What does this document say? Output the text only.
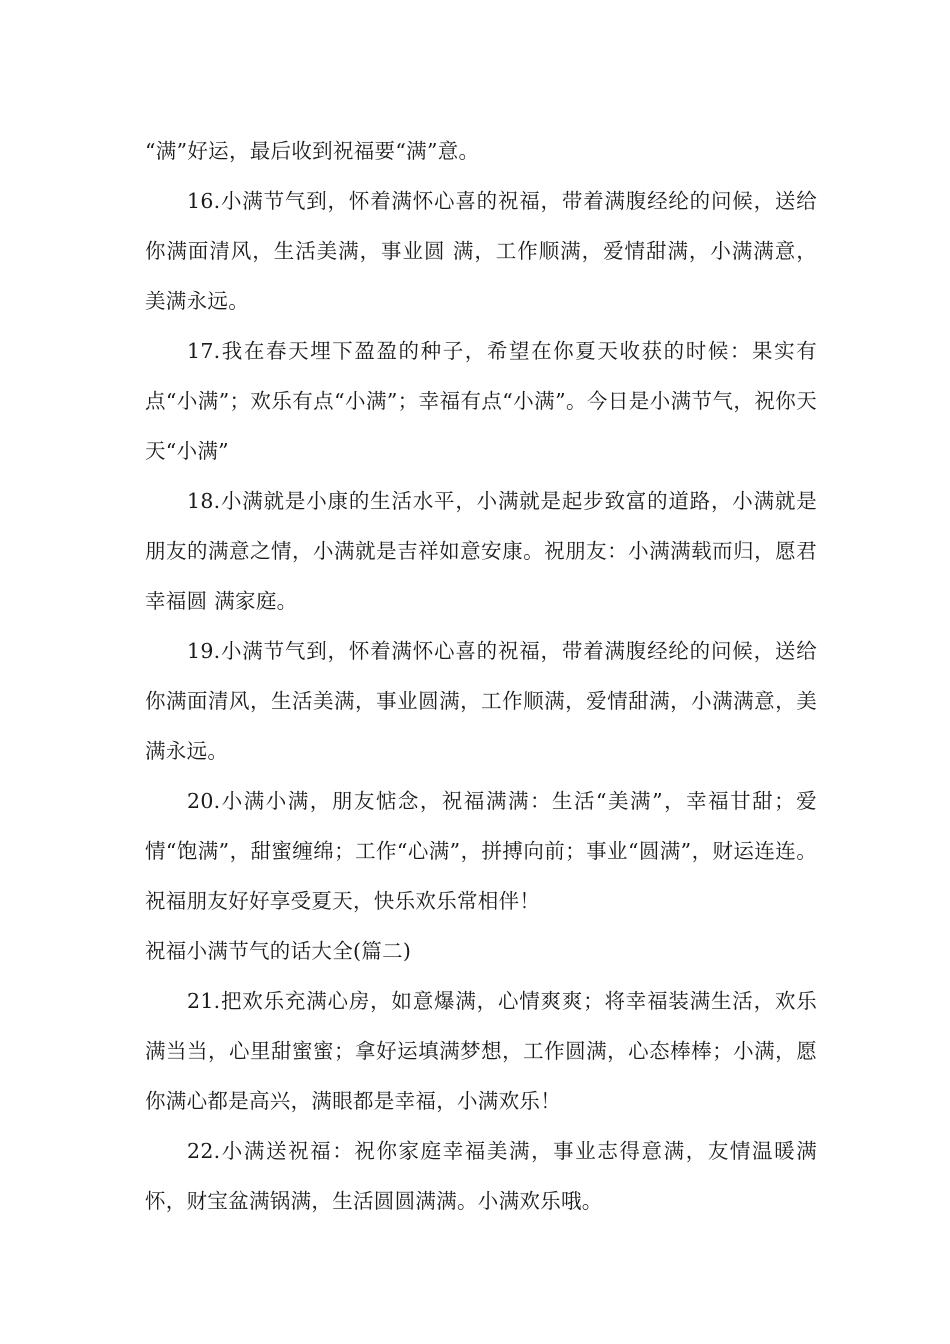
“满”好运，最后收到祝福要“满”意。

16.小满节气到，怀着满怀心喜的祝福，带着满腹经纶的问候，送给你满面清风，生活美满，事业圆 满，工作顺满，爱情甜满，小满满意，美满永远。

17.我在春天埋下盈盈的种子，希望在你夏天收获的时候：果实有点“小满”；欢乐有点“小满”；幸福有点“小满”。今日是小满节气，祝你天天“小满”

18.小满就是小康的生活水平，小满就是起步致富的道路，小满就是朋友的满意之情，小满就是吉祥如意安康。祝朋友：小满满载而归，愿君幸福圆 满家庭。

19.小满节气到，怀着满怀心喜的祝福，带着满腹经纶的问候，送给你满面清风，生活美满，事业圆满，工作顺满，爱情甜满，小满满意，美满永远。

20.小满小满，朋友惦念，祝福满满：生活“美满”，幸福甘甜；爱情“饱满”，甜蜜缠绵；工作“心满”，拼搏向前；事业“圆满”，财运连连。祝福朋友好好享受夏天，快乐欢乐常相伴！

祝福小满节气的话大全(篇二)

21.把欢乐充满心房，如意爆满，心情爽爽；将幸福装满生活，欢乐满当当，心里甜蜜蜜；拿好运填满梦想，工作圆满，心态棒棒；小满，愿你满心都是高兴，满眼都是幸福，小满欢乐！

22.小满送祝福：祝你家庭幸福美满，事业志得意满，友情温暖满怀，财宝盆满锅满，生活圆圆满满。小满欢乐哦。
